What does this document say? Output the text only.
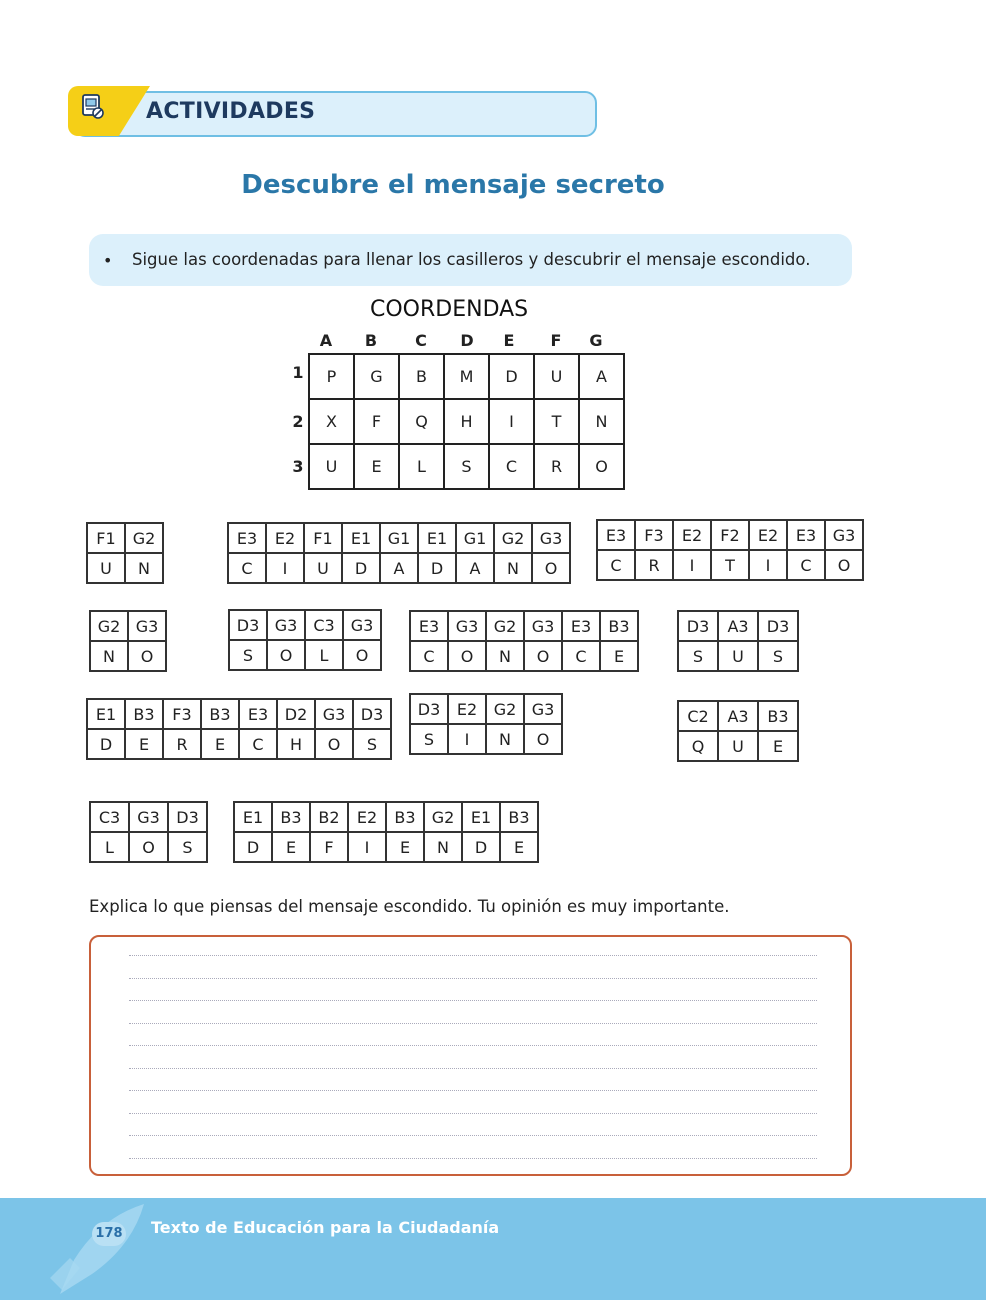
ACTIVIDADES
Descubre el mensaje secreto
• Sigue las coordenadas para llenar los casilleros y descubrir el mensaje escondido.
COORDENDAS
A	B	C	D	E	F	G
1
2
3
P	G	B	M	D	U	A
X	F	Q	H	I	T	N
U	E	L	S	C	R	O
F1	G2
U	N
E3	E2	F1	E1	G1	E1	G1	G2	G3
C	I	U	D	A	D	A	N	O
E3	F3	E2	F2	E2	E3	G3
C	R	I	T	I	C	O
G2	G3
N	O
D3	G3	C3	G3
S	O	L	O
E3	G3	G2	G3	E3	B3
C	O	N	O	C	E
D3	A3	D3
S	U	S
E1	B3	F3	B3	E3	D2	G3	D3
D	E	R	E	C	H	O	S
D3	E2	G2	G3
S	I	N	O
C2	A3	B3
Q	U	E
C3	G3	D3
L	O	S
E1	B3	B2	E2	B3	G2	E1	B3
D	E	F	I	E	N	D	E
Explica lo que piensas del mensaje escondido. Tu opinión es muy importante.
178 Texto de Educación para la Ciudadanía
